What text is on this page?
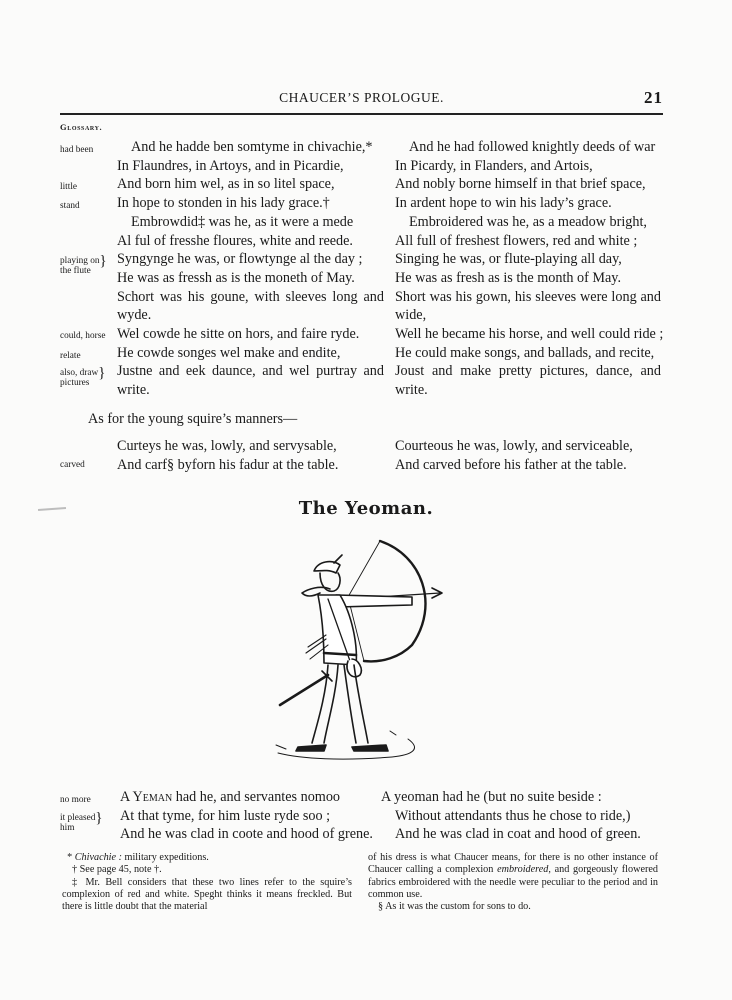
CHAUCER’S PROLOGUE.	21
Glossary.
had been
little
stand
playing on}
the flute
could, horse
relate
also, draw}
pictures
carved
no more
it pleased}
him
And he hadde ben somtyme in chivachie,*
In Flaundres, in Artoys, and in Picardie,
And born him wel, as in so litel space,
In hope to stonden in his lady grace.†
Embrowdid‡ was he, as it were a mede
Al ful of fresshe floures, white and reede.
Syngynge he was, or flowtynge al the day ;
He was as fressh as is the moneth of May.
Schort was his goune, with sleeves long and wyde.
Wel cowde he sitte on hors, and faire ryde.
He cowde songes wel make and endite,
Justne and eek daunce, and wel purtray and write.
And he had followed knightly deeds of war
In Picardy, in Flanders, and Artois,
And nobly borne himself in that brief space,
In ardent hope to win his lady’s grace.
Embroidered was he, as a meadow bright,
All full of freshest flowers, red and white ;
Singing he was, or flute-playing all day,
He was as fresh as is the month of May.
Short was his gown, his sleeves were long and wide,
Well he became his horse, and well could ride ;
He could make songs, and ballads, and recite,
Joust and make pretty pictures, dance, and write.
As for the young squire’s manners—
Curteys he was, lowly, and servysable,
And carf§ byforn his fadur at the table.
Courteous he was, lowly, and serviceable,
And carved before his father at the table.
The Yeoman.
A Yeman had he, and servantes nomoo
At that tyme, for him luste ryde soo ;
And he was clad in coote and hood of grene.
A yeoman had he (but no suite beside :
Without attendants thus he chose to ride,)
And he was clad in coat and hood of green.

* Chivachie : military expeditions.

† See page 45, note †.

‡ Mr. Bell considers that these two lines refer to the squire’s complexion of red and white. Speght thinks it means freckled. But there is little doubt that the material

of his dress is what Chaucer means, for there is no other instance of Chaucer calling a complexion embroidered, and gorgeously flowered fabrics embroidered with the needle were peculiar to the period and in common use.

§ As it was the custom for sons to do.
